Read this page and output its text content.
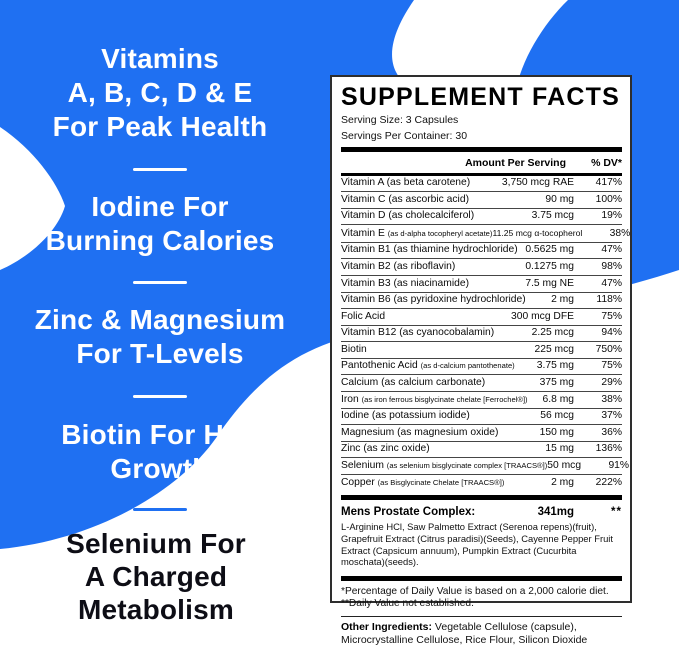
Vitamins
A, B, C, D & E
For Peak Health
Iodine For
Burning Calories
Zinc & Magnesium
For T-Levels
Biotin For Hair
Growth
Selenium For
A Charged
Metabolism
SUPPLEMENT FACTS
Serving Size: 3 Capsules
Servings Per Container: 30
Amount Per Serving	% DV*
Vitamin A (as beta carotene)	3,750 mcg RAE	417%
Vitamin C (as ascorbic acid)	90 mg	100%
Vitamin D (as cholecalciferol)	3.75 mcg	19%
Vitamin E (as d-alpha tocopheryl acetate) 11.25 mcg α-tocopherol	38%
Vitamin B1 (as thiamine hydrochloride) 0.5625 mg	47%
Vitamin B2 (as riboflavin)	0.1275 mg	98%
Vitamin B3 (as niacinamide)	7.5 mg NE	47%
Vitamin B6 (as pyridoxine hydrochloride)	2 mg	118%
Folic Acid	300 mcg DFE	75%
Vitamin B12 (as cyanocobalamin)	2.25 mcg	94%
Biotin	225 mcg	750%
Pantothenic Acid (as d-calcium pantothenate)	3.75 mg	75%
Calcium (as calcium carbonate)	375 mg	29%
Iron (as iron ferrous bisglycinate chelate [Ferrochel®])	6.8 mg	38%
Iodine (as potassium iodide)	56 mcg	37%
Magnesium (as magnesium oxide)	150 mg	36%
Zinc (as zinc oxide)	15 mg	136%
Selenium (as selenium bisglycinate complex [TRAACS®]) 50 mcg	91%
Copper (as Bisglycinate Chelate [TRAACS®])	2 mg	222%
Mens Prostate Complex:	341mg	**
L-Arginine HCl, Saw Palmetto Extract (Serenoa repens)(fruit), Grapefruit Extract (Citrus paradisi)(Seeds), Cayenne Pepper Fruit Extract (Capsicum annuum), Pumpkin Extract (Cucurbita moschata)(seeds).
*Percentage of Daily Value is based on a 2,000 calorie diet.
**Daily Value not established.
Other Ingredients: Vegetable Cellulose (capsule), Microcrystalline Cellulose, Rice Flour, Silicon Dioxide
